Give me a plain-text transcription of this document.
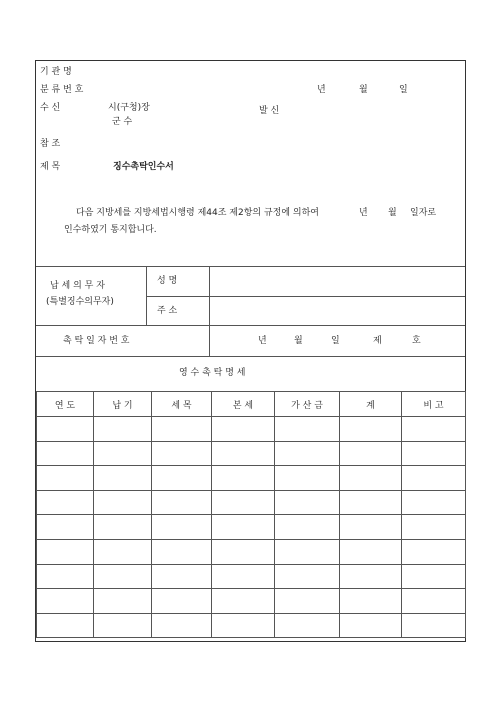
기 관 명
분 류 번 호	년	월	일
수 신	시(구청)장
군 수
발 신
참 조
제 목	징수촉탁인수서
다음 지방세를 지방세법시행령 제44조 제2항의 규정에 의하여	년 월 일자로
인수하였기 통지합니다.
납 세 의 무 자
(특별징수의무자)
성 명
주 소
촉 탁 일 자 번 호	년	월	일	제	호
영 수 촉 탁 명 세
연 도	납 기	세 목	본 세	가 산 금	계	비 고
